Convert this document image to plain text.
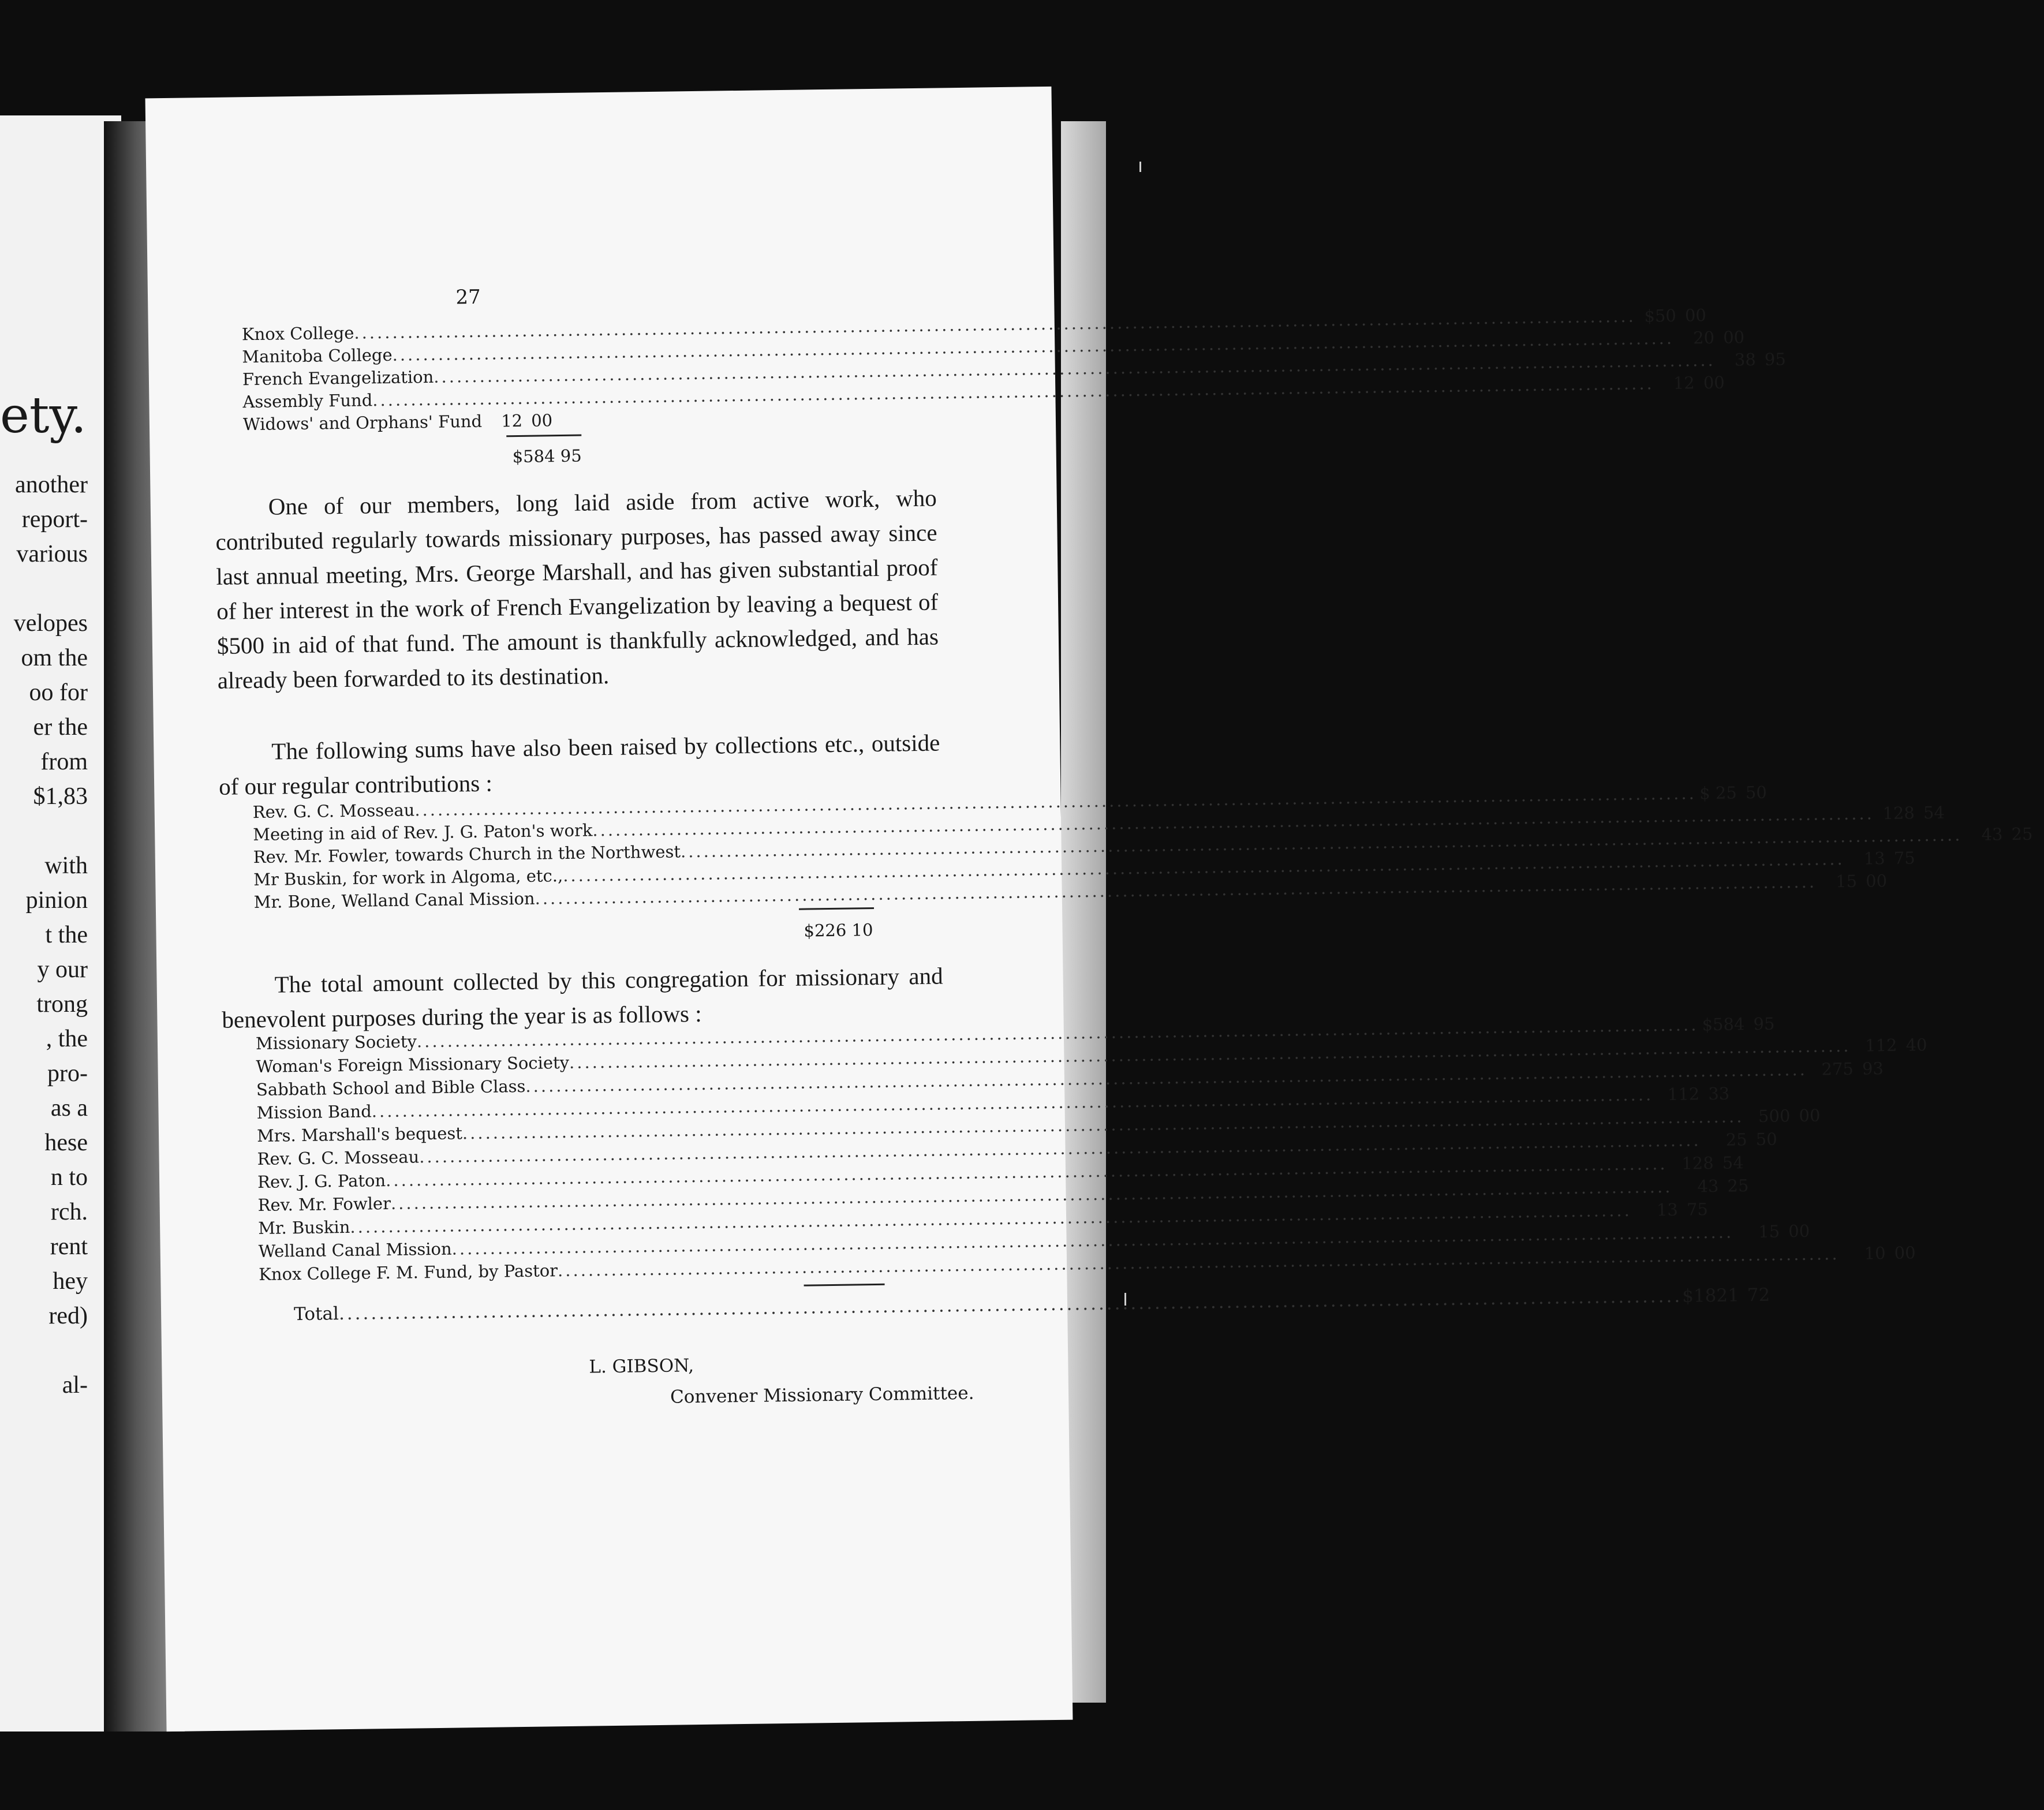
ety.
another
report-
various
velopes
om the
oo for
er the
from
$1,83
with
pinion
t the
y our
trong
, the
pro-
as a
hese
n to
rch.
rent
hey
red)
al-
27
Knox College
.....
$50 00
Manitoba College
.....
20 00
French Evangelization
.....
38 95
Assembly Fund
.....
12 00
Widows' and Orphans' Fund
.....	12 00
$584 95
One of our members, long laid aside from active work, who contributed regularly towards missionary purposes, has passed away since last annual meeting, Mrs. George Marshall, and has given substantial proof of her interest in the work of French Evangelization by leaving a bequest of $500 in aid of that fund. The amount is thankfully acknowledged, and has already been forwarded to its destination.
The following sums have also been raised by collections etc., outside of our regular contributions :
Rev. G. C. Mosseau
.....
$ 25 50
Meeting in aid of Rev. J. G. Paton's work
.....
128 54
Rev. Mr. Fowler, towards Church in the Northwest
.....
43 25
Mr Buskin, for work in Algoma, etc.,
.....
13 75
Mr. Bone, Welland Canal Mission
.....
15 00
$226 10
The total amount collected by this congregation for missionary and benevolent purposes during the year is as follows :
Missionary Society
.....
$584 95
Woman's Foreign Missionary Society
.....
112 40
Sabbath School and Bible Class
.....
275 93
Mission Band
.....
112 33
Mrs. Marshall's bequest
.....
500 00
Rev. G. C. Mosseau
.....
25 50
Rev. J. G. Paton
.....
128 54
Rev. Mr. Fowler
.....
43 25
Mr. Buskin
.....
13 75
Welland Canal Mission
.....
15 00
Knox College F. M. Fund, by Pastor
.....
10 00
Total
.....
$1821 72
L. GIBSON,
Convener Missionary Committee.
